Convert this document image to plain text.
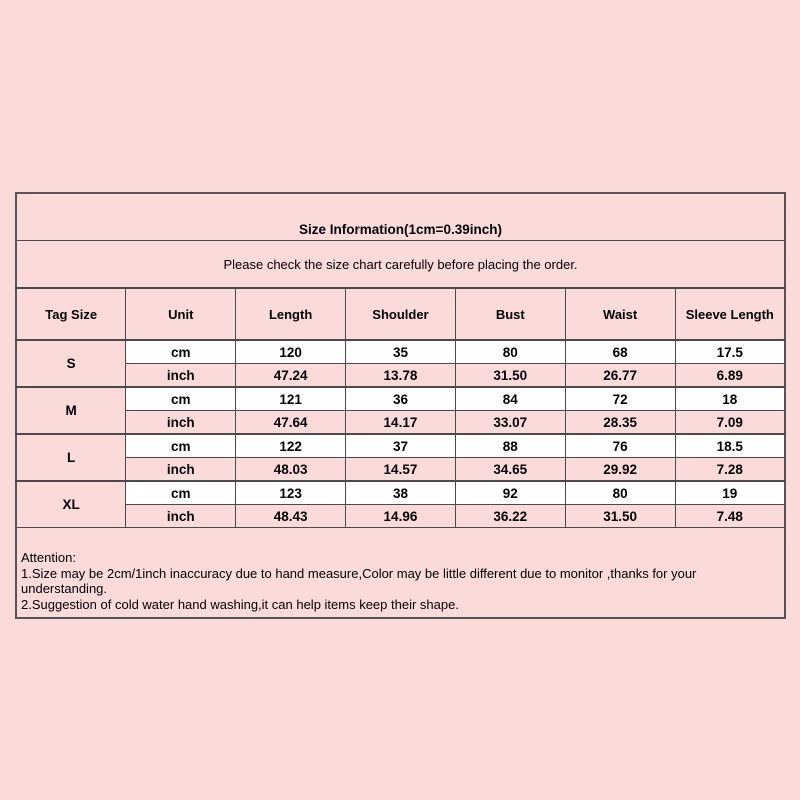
Size Information(1cm=0.39inch)						
Please check the size chart carefully before placing the order.						
Tag Size	Unit	Length	Shoulder	Bust	Waist	Sleeve Length
S	cm	120	35	80	68	17.5
	inch	47.24	13.78	31.50	26.77	6.89
M	cm	121	36	84	72	18
	inch	47.64	14.17	33.07	28.35	7.09
L	cm	122	37	88	76	18.5
	inch	48.03	14.57	34.65	29.92	7.28
XL	cm	123	38	92	80	19
	inch	48.43	14.96	36.22	31.50	7.48

Attention:
1.Size may be 2cm/1inch inaccuracy due to hand measure,Color may be little different due to monitor ,thanks for your understanding.
2.Suggestion of cold water hand washing,it can help items keep their shape.						
